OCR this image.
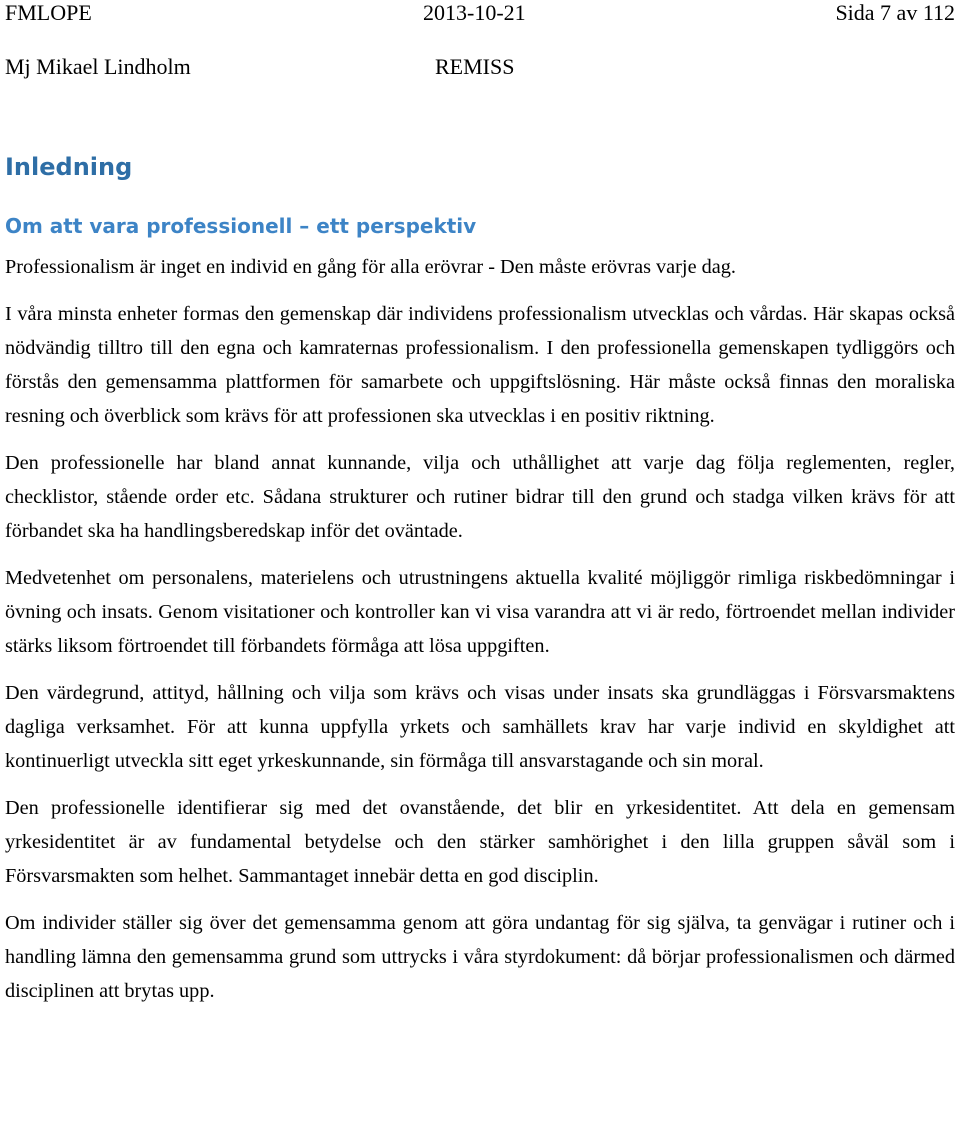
FMLOPE	2013-10-21	Sida 7 av 112
Mj Mikael Lindholm	REMISS
Inledning
Om att vara professionell – ett perspektiv

Professionalism är inget en individ en gång för alla erövrar - Den måste erövras varje dag.

I våra minsta enheter formas den gemenskap där individens professionalism utvecklas och vårdas. Här skapas också nödvändig tilltro till den egna och kamraternas professionalism. I den professionella gemenskapen tydliggörs och förstås den gemensamma plattformen för samarbete och uppgiftslösning. Här måste också finnas den moraliska resning och överblick som krävs för att professionen ska utvecklas i en positiv riktning.

Den professionelle har bland annat kunnande, vilja och uthållighet att varje dag följa reglementen, regler, checklistor, stående order etc. Sådana strukturer och rutiner bidrar till den grund och stadga vilken krävs för att förbandet ska ha handlingsberedskap inför det oväntade.

Medvetenhet om personalens, materielens och utrustningens aktuella kvalité möjliggör rimliga riskbedömningar i övning och insats. Genom visitationer och kontroller kan vi visa varandra att vi är redo, förtroendet mellan individer stärks liksom förtroendet till förbandets förmåga att lösa uppgiften.

Den värdegrund, attityd, hållning och vilja som krävs och visas under insats ska grundläggas i Försvarsmaktens dagliga verksamhet. För att kunna uppfylla yrkets och samhällets krav har varje individ en skyldighet att kontinuerligt utveckla sitt eget yrkeskunnande, sin förmåga till ansvarstagande och sin moral.

Den professionelle identifierar sig med det ovanstående, det blir en yrkesidentitet. Att dela en gemensam yrkesidentitet är av fundamental betydelse och den stärker samhörighet i den lilla gruppen såväl som i Försvarsmakten som helhet. Sammantaget innebär detta en god disciplin.

Om individer ställer sig över det gemensamma genom att göra undantag för sig själva, ta genvägar i rutiner och i handling lämna den gemensamma grund som uttrycks i våra styrdokument: då börjar professionalismen och därmed disciplinen att brytas upp.
